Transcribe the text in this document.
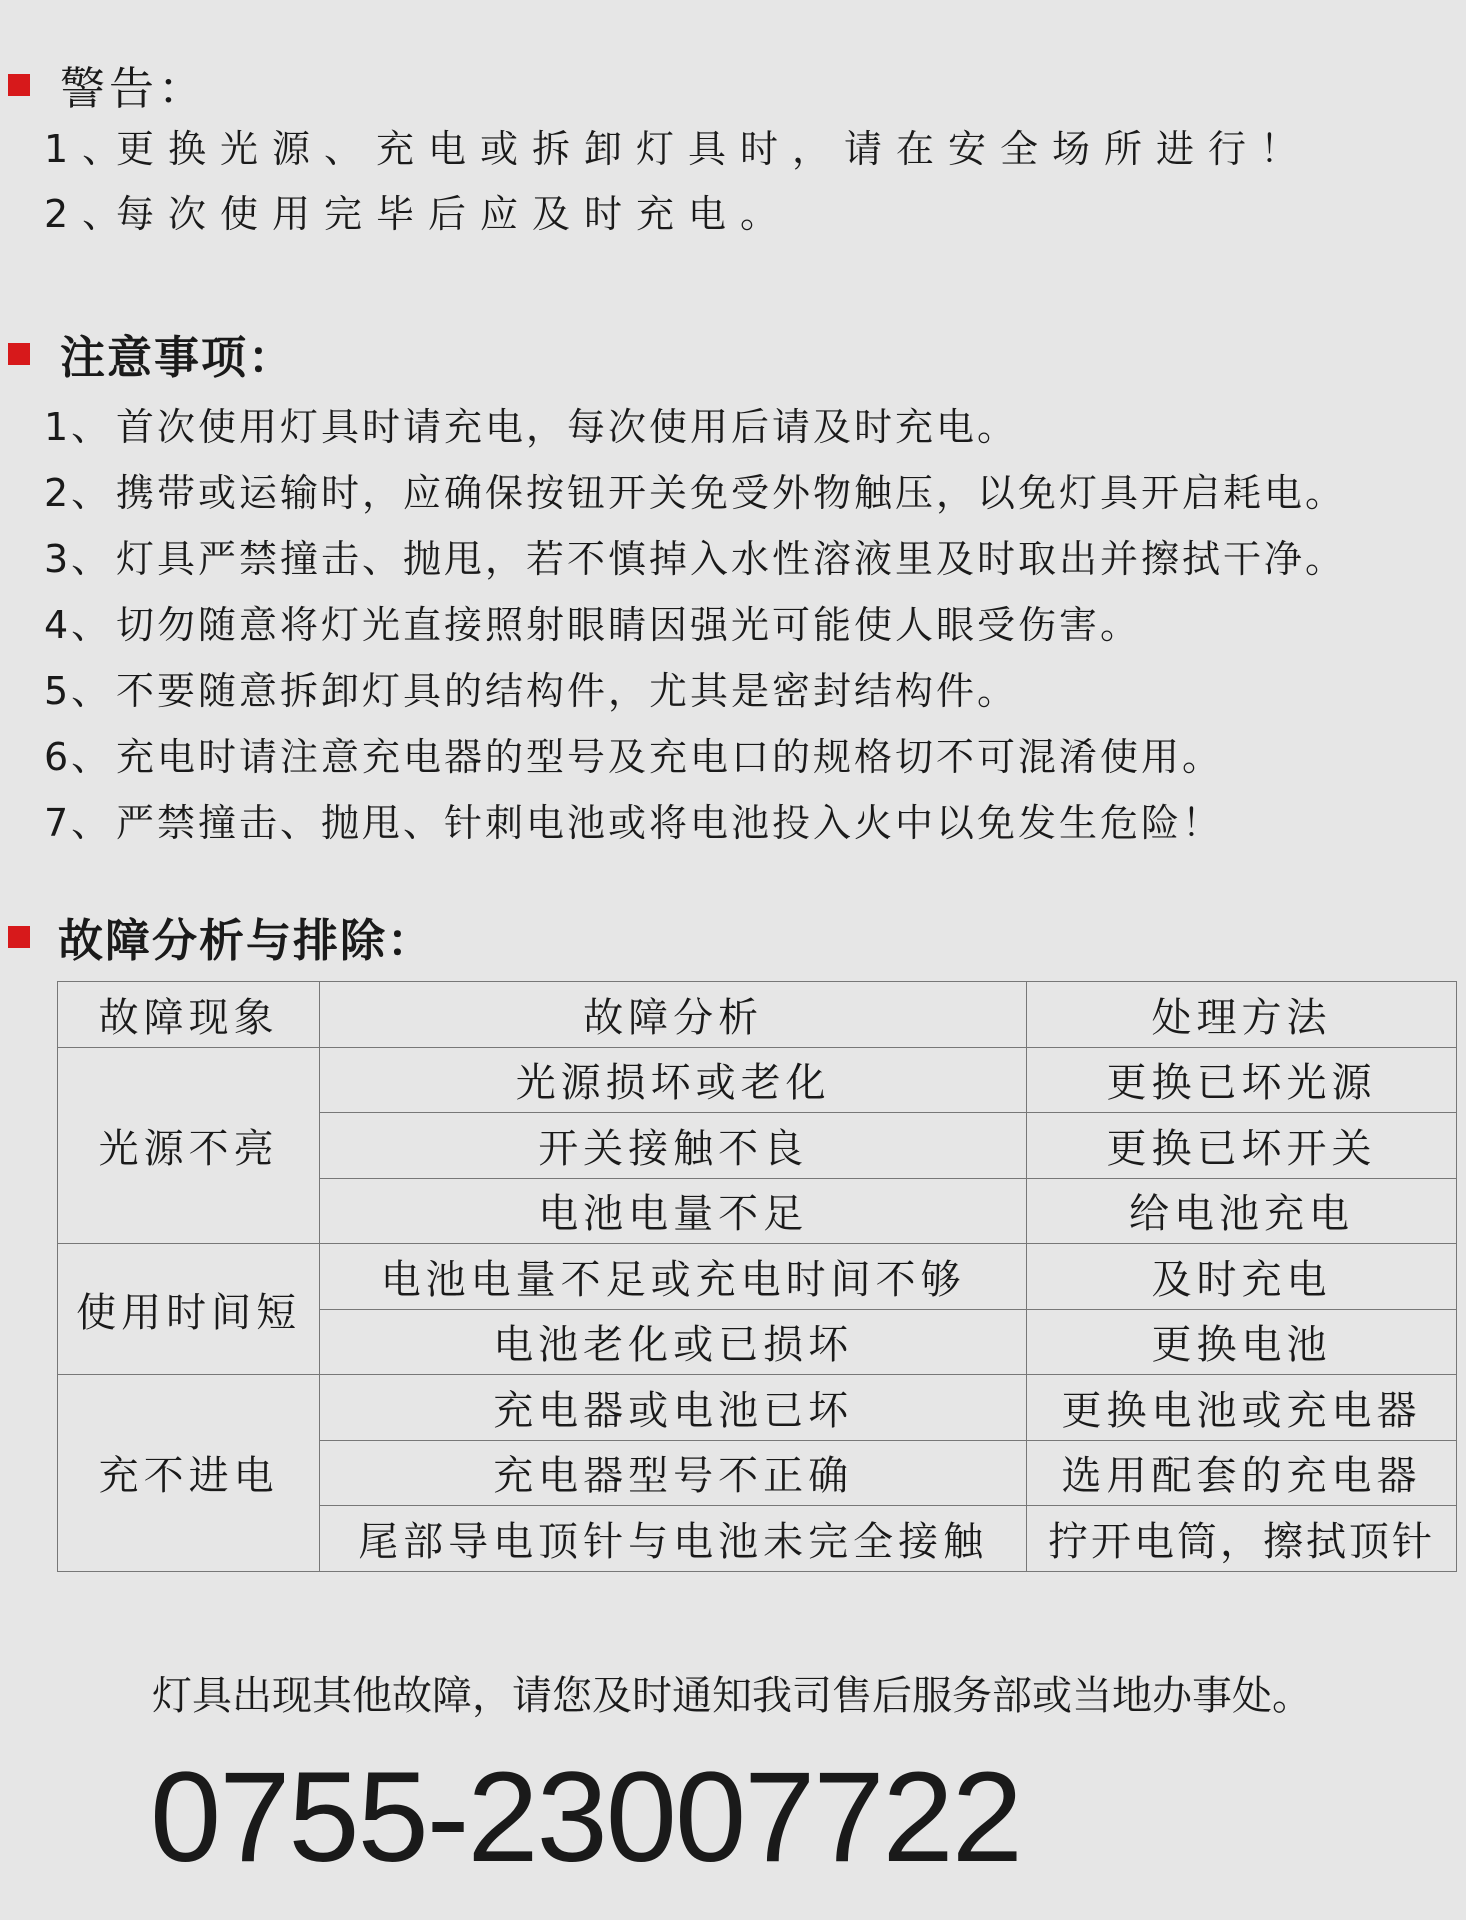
警告：
1、更换光源、充电或拆卸灯具时，请在安全场所进行！
2、每次使用完毕后应及时充电。
注意事项：
1、 首次使用灯具时请充电，每次使用后请及时充电。
2、 携带或运输时，应确保按钮开关免受外物触压，以免灯具开启耗电。
3、 灯具严禁撞击、抛甩，若不慎掉入水性溶液里及时取出并擦拭干净。
4、 切勿随意将灯光直接照射眼睛因强光可能使人眼受伤害。
5、 不要随意拆卸灯具的结构件，尤其是密封结构件。
6、 充电时请注意充电器的型号及充电口的规格切不可混淆使用。
7、 严禁撞击、抛甩、针刺电池或将电池投入火中以免发生危险！
故障分析与排除：
故障现象	故障分析	处理方法
光源不亮	光源损坏或老化	更换已坏光源
	开关接触不良	更换已坏开关
	电池电量不足	给电池充电
使用时间短	电池电量不足或充电时间不够	及时充电
	电池老化或已损坏	更换电池
充不进电	充电器或电池已坏	更换电池或充电器
	充电器型号不正确	选用配套的充电器
	尾部导电顶针与电池未完全接触	拧开电筒，擦拭顶针
灯具出现其他故障，请您及时通知我司售后服务部或当地办事处。
0755-23007722
